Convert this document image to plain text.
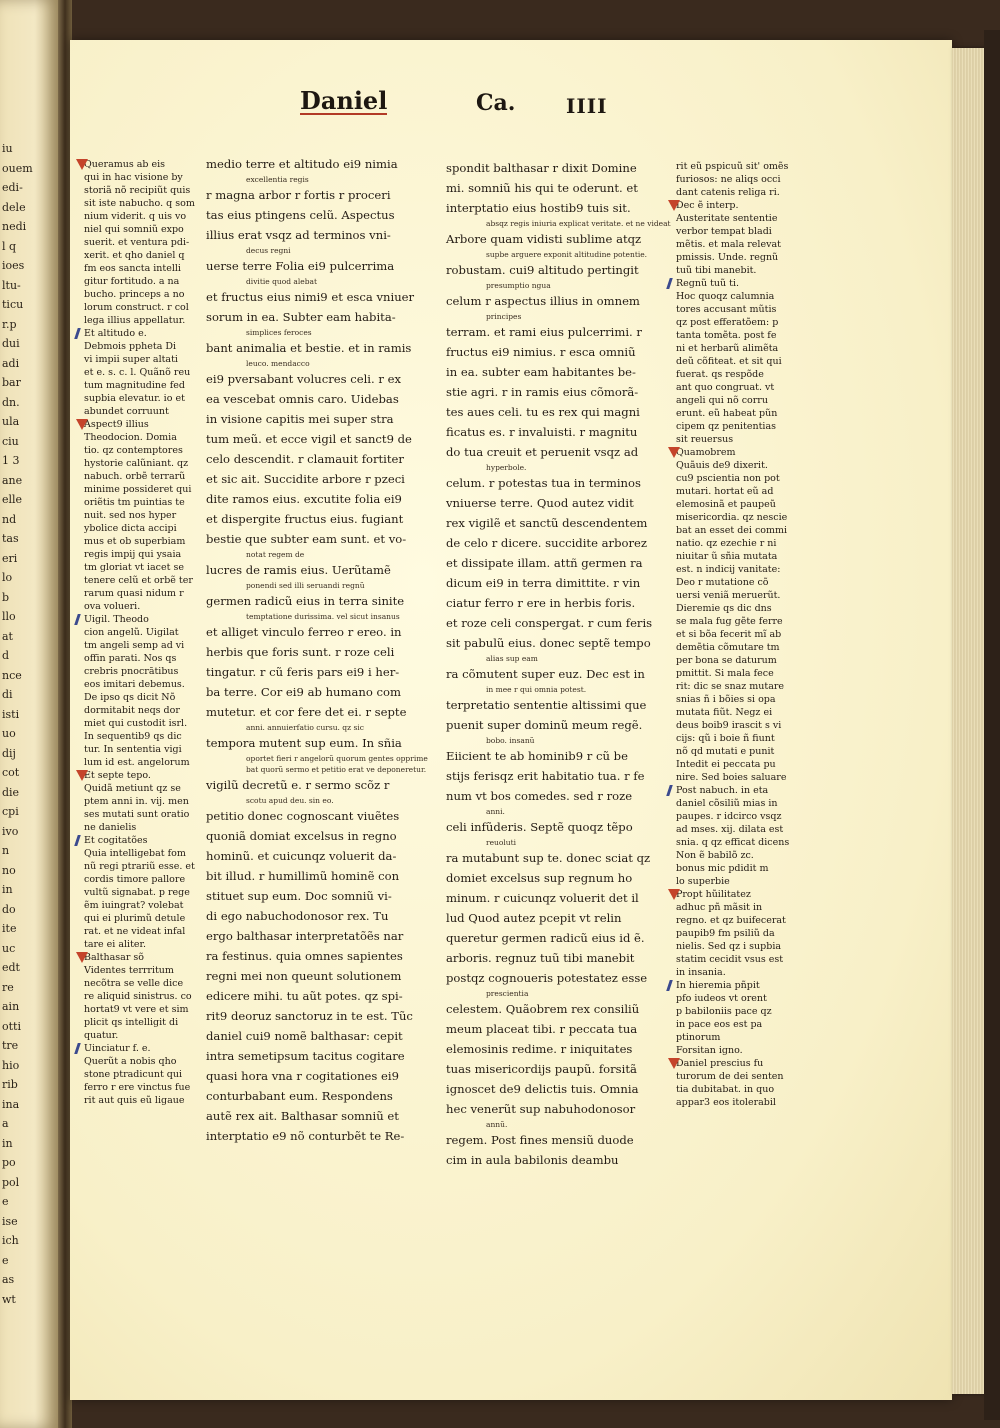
iu
ouem
edi-
dele
nedi
l q
ioes
ltu-
ticu
r.p
dui
adi
bar
dn.
ula
ciu
1 3
ane
elle
nd
tas
eri
lo
b
llo
at
d
nce
di
isti
uo
dij
cot
die
cpi
ivo
n
no
in
do
ite
uc
edt
re
ain
otti
tre
hio
rib
ina
a
in
po
pol
e
ise
ich
e
as
wt
Daniel	Ca.	IIII
Queramus ab eis
qui in hac visione by
storiã nõ recipiũt quis
sit iste nabucho. q som
nium viderit. q uis vo
niel qui somniũ expo
suerit. et ventura pdi-
xerit. et qho daniel q
fm eos sancta intelli
gitur fortitudo. a na
bucho. princeps a no
lorum construct. r col
lega illius appellatur.
Et altitudo e.
Debmois ppheta Di
vi impii super altati
et e. s. c. l. Quãnõ reu
tum magnitudine fed
supbia elevatur. io et
abundet corruunt
Aspect9 illius
Theodocion. Domia
tio. qz contemptores
hystorie calũniant. qz
nabuch. orbẽ terrarũ
minime possideret qui
oriẽtis tm puintias te
nuit. sed nos hyper
ybolice dicta accipi
mus et ob superbiam
regis impij qui ysaia
tm gloriat vt iacet se
tenere celũ et orbẽ ter
rarum quasi nidum r
ova volueri.
Uigil. Theodo
cion angelũ. Uigilat
tm angeli semp ad vi
offin parati. Nos qs
crebris pnocrātibus
eos imitari debemus.
De ipso qs dicit Nõ
dormitabit neqs dor
miet qui custodit isrl.
In sequentib9 qs dic
tur. In sententia vigi
lum id est. angelorum
Et septe tepo.
Quidã metiunt qz se
ptem anni in. vij. men
ses mutati sunt oratio
ne danielis
Et cogitatões
Quia intelligebat fom
nũ regi ptrariũ esse. et
cordis timore pallore
vultũ signabat. p rege
ẽm iuingrat? volebat
qui ei plurimũ detule
rat. et ne videat infal
tare ei aliter.
Balthasar sõ
Videntes terrritum
necõtra se velle dice
re aliquid sinistrus. co
hortat9 vt vere et sim
plicit qs intelligit di
quatur.
Uinciatur f. e.
Querũt a nobis qho
stone ptradicunt qui
ferro r ere vinctus fue
rit aut quis eũ ligaue
medio terre et altitudo ei9 nimia
excellentia regis
r magna arbor r fortis r proceri
tas eius ptingens celũ. Aspectus
illius erat vsqz ad terminos vni-
decus regni
uerse terre Folia ei9 pulcerrima
divitie quod alebat
et fructus eius nimi9 et esca vniuer
sorum in ea. Subter eam habita-
simplices feroces
bant animalia et bestie. et in ramis
leuco. mendacco
ei9 pversabant volucres celi. r ex
ea vescebat omnis caro. Uidebas
in visione capitis mei super stra
tum meũ. et ecce vigil et sanct9 de
celo descendit. r clamauit fortiter
et sic ait. Succidite arbore r pzeci
dite ramos eius. excutite folia ei9
et dispergite fructus eius. fugiant
bestie que subter eam sunt. et vo-
notat regem de
lucres de ramis eius. Uerũtamẽ
ponendi sed illi seruandi regnũ
germen radicũ eius in terra sinite
temptatione durissima. vel sicut insanus
et alliget vinculo ferreo r ereo. in
herbis que foris sunt. r roze celi
tingatur. r cũ feris pars ei9 i her-
ba terre. Cor ei9 ab humano com
mutetur. et cor fere det ei. r septe
anni. annuierfatio cursu. qz sic
tempora mutent sup eum. In sñia
oportet fieri r angelorũ quorum gentes opprime
bat quorũ sermo et petitio erat ve deponeretur.
vigilũ decretũ e. r sermo scõz r
scotu apud deu. sin eo.
petitio donec cognoscant viuẽtes
quoniã domiat excelsus in regno
hominũ. et cuicunqz voluerit da-
bit illud. r humillimũ hominẽ con
stituet sup eum. Doc somniũ vi-
di ego nabuchodonosor rex. Tu
ergo balthasar interpretatõẽs nar
ra festinus. quia omnes sapientes
regni mei non queunt solutionem
edicere mihi. tu aũt potes. qz spi-
rit9 deoruz sanctoruz in te est. Tũc
daniel cui9 nomẽ balthasar: cepit
intra semetipsum tacitus cogitare
quasi hora vna r cogitationes ei9
conturbabant eum. Respondens
autẽ rex ait. Balthasar somniũ et
interptatio e9 nõ conturbẽt te Re-
spondit balthasar r dixit Domine
mi. somniũ his qui te oderunt. et
interptatio eius hostib9 tuis sit.
absqz regis iniuria explicat veritate. et ne videat
Arbore quam vidisti sublime atqz
supbe arguere exponit altitudine potentie.
robustam. cui9 altitudo pertingit
presumptio ngua
celum r aspectus illius in omnem
principes
terram. et rami eius pulcerrimi. r
fructus ei9 nimius. r esca omniũ
in ea. subter eam habitantes be-
stie agri. r in ramis eius cõmorã-
tes aues celi. tu es rex qui magni
ficatus es. r invaluisti. r magnitu
do tua creuit et peruenit vsqz ad
hyperbole.
celum. r potestas tua in terminos
vniuerse terre. Quod autez vidit
rex vigilẽ et sanctũ descendentem
de celo r dicere. succidite arborez
et dissipate illam. attñ germen ra
dicum ei9 in terra dimittite. r vin
ciatur ferro r ere in herbis foris.
et roze celi conspergat. r cum feris
sit pabulũ eius. donec septẽ tempo
alias sup eam
ra cõmutent super euz. Dec est in
in mee r qui omnia potest.
terpretatio sententie altissimi que
puenit super dominũ meum regẽ.
bobo. insanũ
Eiicient te ab hominib9 r cũ be
stijs ferisqz erit habitatio tua. r fe
num vt bos comedes. sed r roze
anni.
celi infũderis. Septẽ quoqz tẽpo
reuoluti
ra mutabunt sup te. donec sciat qz
domiet excelsus sup regnum ho
minum. r cuicunqz voluerit det il
lud Quod autez pcepit vt relin
queretur germen radicũ eius id ẽ.
arboris. regnuz tuũ tibi manebit
postqz cognoueris potestatez esse
prescientia
celestem. Quãobrem rex consiliũ
meum placeat tibi. r peccata tua
elemosinis redime. r iniquitates
tuas misericordijs paupũ. forsitã
ignoscet de9 delictis tuis. Omnia
hec venerũt sup nabuhodonosor
annũ.
regem. Post fines mensiũ duode
cim in aula babilonis deambu
rit eũ pspicuũ sit' omẽs
furiosos: ne aliqs occi
dant catenis religa ri.
Dec ẽ interp.
Austeritate sententie
verbor tempat bladi
mẽtis. et mala relevat
pmissis. Unde. regnũ
tuũ tibi manebit.
Regnũ tuũ ti.
Hoc quoqz calumnia
tores accusant mũtis
qz post efferatõem: p
tanta tomẽta. post fe
ni et herbarũ alimẽta
deũ cõfiteat. et sit qui
fuerat. qs respõde
ant quo congruat. vt
angeli qui nõ corru
erunt. eũ habeat pũn
cipem qz penitentias
sit reuersus
Quamobrem
Quãuis de9 dixerit.
cu9 pscientia non pot
mutari. hortat eũ ad
elemosinã et paupeũ
misericordia. qz nescie
bat an esset dei commi
natio. qz ezechie r ni
niuitar ũ sñia mutata
est. n indicij vanitate:
Deo r mutatione cõ
uersi veniã meruerũt.
Dieremie qs dic dns
se mala fug gẽte ferre
et si bõa fecerit mĩ ab
demẽtia cõmutare tm
per bona se daturum
pmittit. Si mala fece
rit: dic se snaz mutare
snias ñ i bõies si opa
mutata fiũt. Negz ei
deus boib9 irascit s vi
cijs: qũ i boie ñ fiunt
nõ qd mutati e punit
Intedit ei peccata pu
nire. Sed boies saluare
Post nabuch. in eta
daniel cõsiliũ mias in
paupes. r idcirco vsqz
ad mses. xij. dilata est
snia. q qz efficat dicens
Non ẽ babilõ zc.
bonus mic pdidit m
lo superbie
Propt hũilitatez
adhuc pñ mãsit in
regno. et qz buifecerat
paupib9 fm psiliũ da
nielis. Sed qz i supbia
statim cecidit vsus est
in insania.
In hieremia pñpit
pfo iudeos vt orent
p babiloniis pace qz
in pace eos est pa
ptinorum
Forsitan igno.
Daniel prescius fu
turorum de dei senten
tia dubitabat. in quo
appar3 eos itolerabil
